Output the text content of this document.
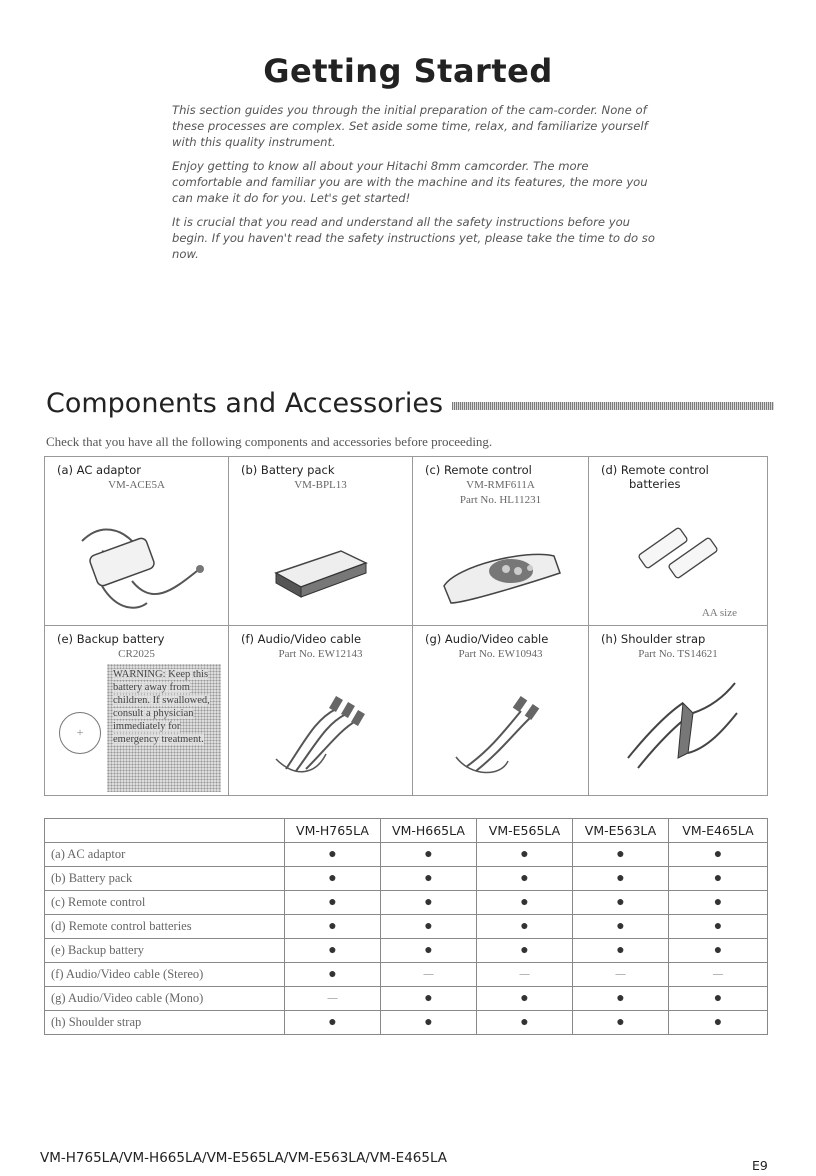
Getting Started

This section guides you through the initial preparation of the cam-corder. None of these processes are complex. Set aside some time, relax, and familiarize yourself with this quality instrument.

Enjoy getting to know all about your Hitachi 8mm camcorder. The more comfortable and familiar you are with the machine and its features, the more you can make it do for you. Let's get started!

It is crucial that you read and understand all the safety instructions before you begin. If you haven't read the safety instructions yet, please take the time to do so now.

Components and Accessories
Check that you have all the following components and accessories before proceeding.
(a) AC adaptor
VM-ACE5A
(b) Battery pack
VM-BPL13
(c) Remote control
VM-RMF611A
Part No. HL11231
(d) Remote control
batteries
AA size
(e) Backup battery
CR2025
+
WARNING: Keep this battery away from children. If swallowed, consult a physician immediately for emergency treatment.
(f) Audio/Video cable
Part No. EW12143
(g) Audio/Video cable
Part No. EW10943
(h) Shoulder strap
Part No. TS14621
	VM-H765LA	VM-H665LA	VM-E565LA	VM-E563LA	VM-E465LA
(a) AC adaptor	●	●	●	●	●
(b) Battery pack	●	●	●	●	●
(c) Remote control	●	●	●	●	●
(d) Remote control batteries	●	●	●	●	●
(e) Backup battery	●	●	●	●	●
(f) Audio/Video cable (Stereo)	●	—	—	—	—
(g) Audio/Video cable (Mono)	—	●	●	●	●
(h) Shoulder strap	●	●	●	●	●
VM-H765LA/VM-H665LA/VM-E565LA/VM-E563LA/VM-E465LA	E9
